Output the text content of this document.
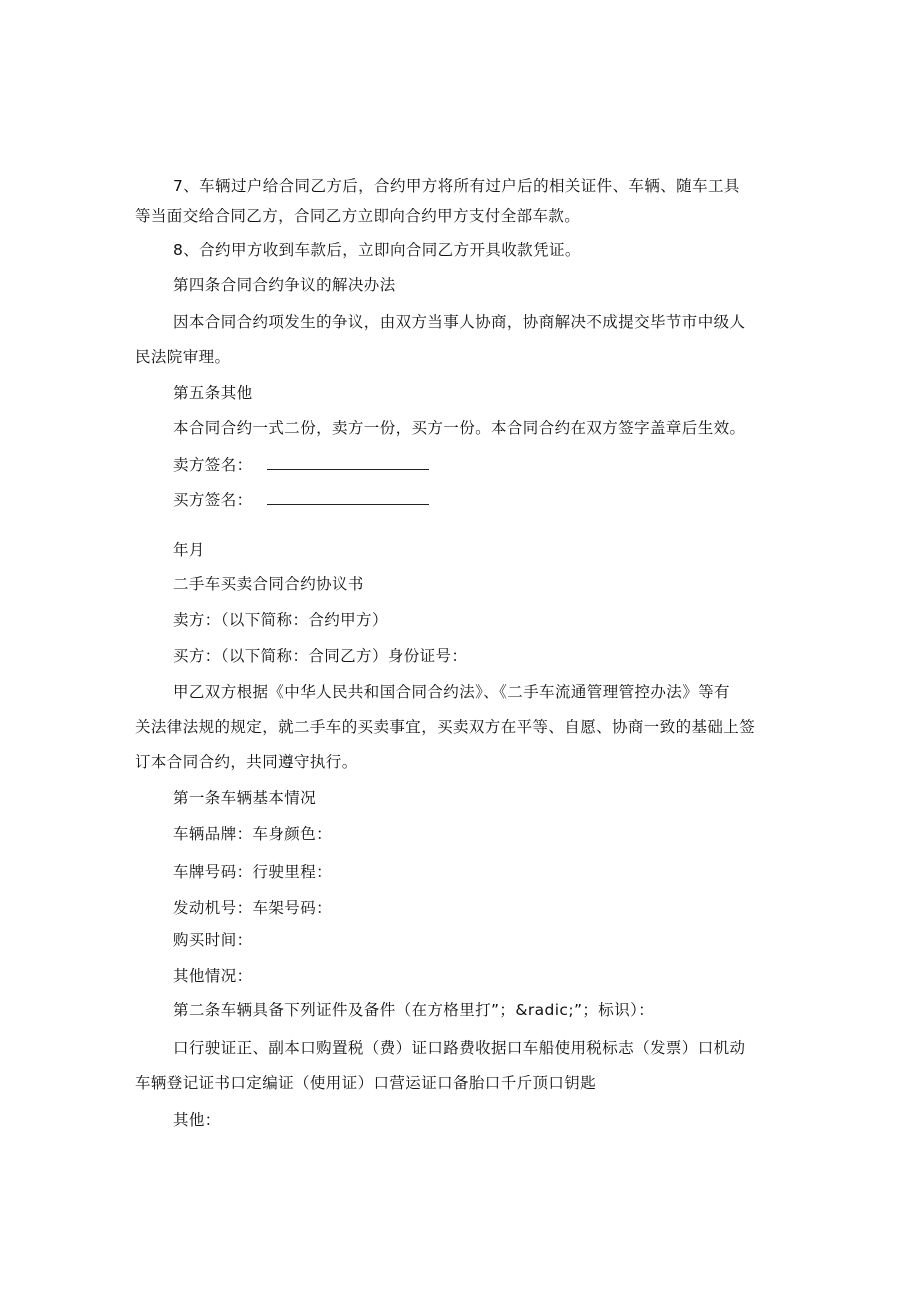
7、车辆过户给合同乙方后，合约甲方将所有过户后的相关证件、车辆、随车工具
等当面交给合同乙方，合同乙方立即向合约甲方支付全部车款。
8、合约甲方收到车款后，立即向合同乙方开具收款凭证。
第四条合同合约争议的解决办法
因本合同合约项发生的争议，由双方当事人协商，协商解决不成提交毕节市中级人
民法院审理。
第五条其他
本合同合约一式二份，卖方一份，买方一份。本合同合约在双方签字盖章后生效。
卖方签名：
买方签名：
年月
二手车买卖合同合约协议书
卖方：（以下简称：合约甲方）
买方：（以下简称：合同乙方）身份证号：
甲乙双方根据《中华人民共和国合同合约法》、《二手车流通管理管控办法》等有
关法律法规的规定，就二手车的买卖事宜，买卖双方在平等、自愿、协商一致的基础上签
订本合同合约，共同遵守执行。
第一条车辆基本情况
车辆品牌：车身颜色：
车牌号码：行驶里程：
发动机号：车架号码：
购买时间：
其他情况：
第二条车辆具备下列证件及备件（在方格里打”；&radic;”；标识）：
口行驶证正、副本口购置税（费）证口路费收据口车船使用税标志（发票）口机动
车辆登记证书口定编证（使用证）口营运证口备胎口千斤顶口钥匙
其他：
